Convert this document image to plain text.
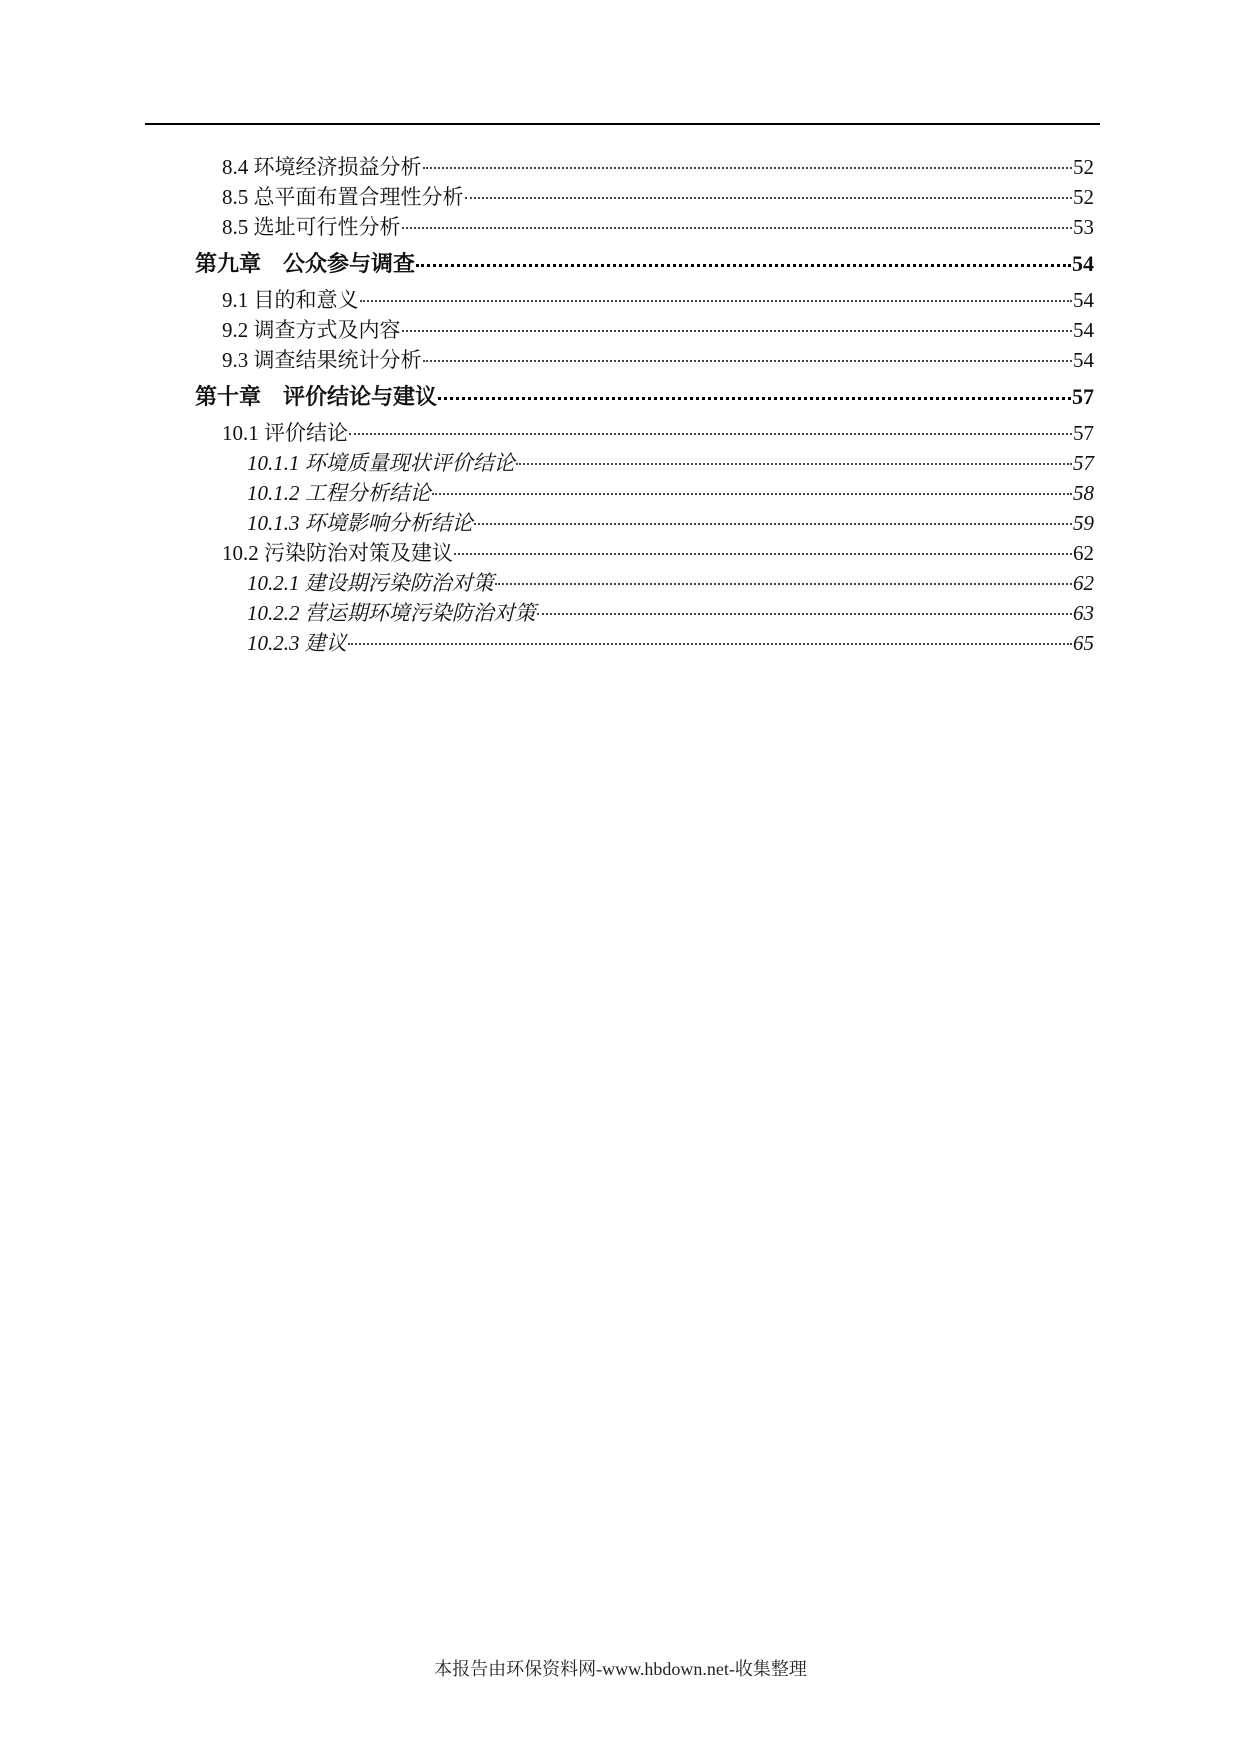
8.4 环境经济损益分析	52
8.5 总平面布置合理性分析	52
8.5 选址可行性分析	53
第九章　公众参与调查	54
9.1 目的和意义	54
9.2 调查方式及内容	54
9.3 调查结果统计分析	54
第十章　评价结论与建议	57
10.1 评价结论	57
10.1.1 环境质量现状评价结论	57
10.1.2 工程分析结论	58
10.1.3 环境影响分析结论	59
10.2 污染防治对策及建议	62
10.2.1 建设期污染防治对策	62
10.2.2 营运期环境污染防治对策	63
10.2.3 建议	65
本报告由环保资料网-www.hbdown.net-收集整理
